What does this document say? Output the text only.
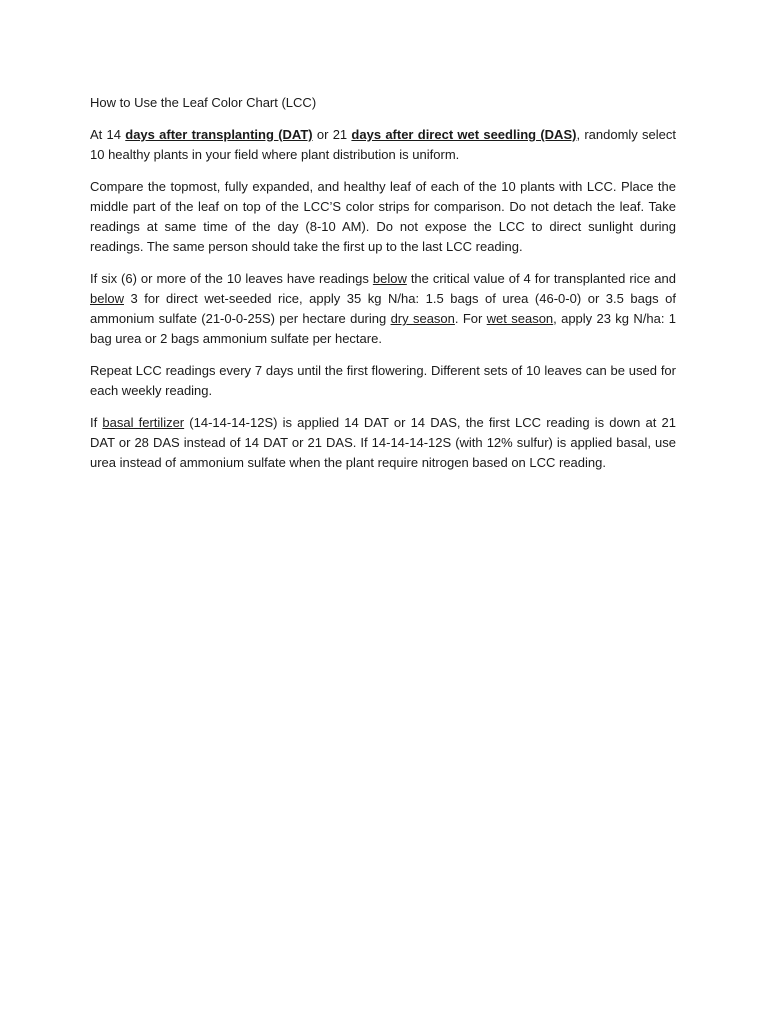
How to Use the Leaf Color Chart (LCC)

At 14 days after transplanting (DAT) or 21 days after direct wet seedling (DAS), randomly select 10 healthy plants in your field where plant distribution is uniform.

Compare the topmost, fully expanded, and healthy leaf of each of the 10 plants with LCC. Place the middle part of the leaf on top of the LCC’S color strips for comparison. Do not detach the leaf. Take readings at same time of the day (8-10 AM). Do not expose the LCC to direct sunlight during readings. The same person should take the first up to the last LCC reading.

If six (6) or more of the 10 leaves have readings below the critical value of 4 for transplanted rice and below 3 for direct wet-seeded rice, apply 35 kg N/ha: 1.5 bags of urea (46-0-0) or 3.5 bags of ammonium sulfate (21-0-0-25S) per hectare during dry season. For wet season, apply 23 kg N/ha: 1 bag urea or 2 bags ammonium sulfate per hectare.

Repeat LCC readings every 7 days until the first flowering. Different sets of 10 leaves can be used for each weekly reading.

If basal fertilizer (14-14-14-12S) is applied 14 DAT or 14 DAS, the first LCC reading is down at 21 DAT or 28 DAS instead of 14 DAT or 21 DAS. If 14-14-14-12S (with 12% sulfur) is applied basal, use urea instead of ammonium sulfate when the plant require nitrogen based on LCC reading.
